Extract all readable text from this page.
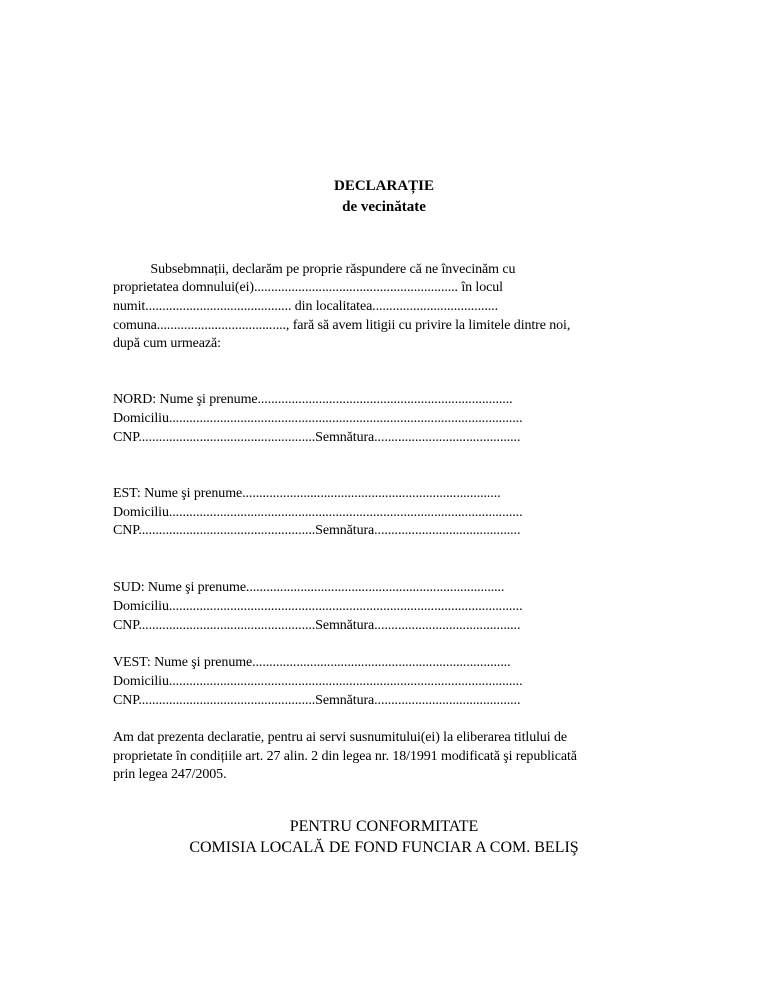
DECLARAȚIE
de vecinătate
Subsebmnații, declarăm pe proprie răspundere că ne învecinăm cu
proprietatea domnului(ei)............................................................ în locul
numit........................................... din localitatea.....................................
comuna......................................, fară să avem litigii cu privire la limitele dintre noi,
după cum urmează:
NORD: Nume şi prenume...........................................................................
Domiciliu........................................................................................................
CNP....................................................Semnătura...........................................
EST: Nume şi prenume............................................................................
Domiciliu........................................................................................................
CNP....................................................Semnătura...........................................
SUD: Nume şi prenume............................................................................
Domiciliu........................................................................................................
CNP....................................................Semnătura...........................................
VEST: Nume şi prenume............................................................................
Domiciliu........................................................................................................
CNP....................................................Semnătura...........................................
Am dat prezenta declaratie, pentru ai servi susnumitului(ei) la eliberarea titlului de
proprietate în condițiile art. 27 alin. 2 din legea nr. 18/1991 modificată şi republicată
prin legea 247/2005.
PENTRU CONFORMITATE
COMISIA LOCALĂ DE FOND FUNCIAR A COM. BELIŞ
